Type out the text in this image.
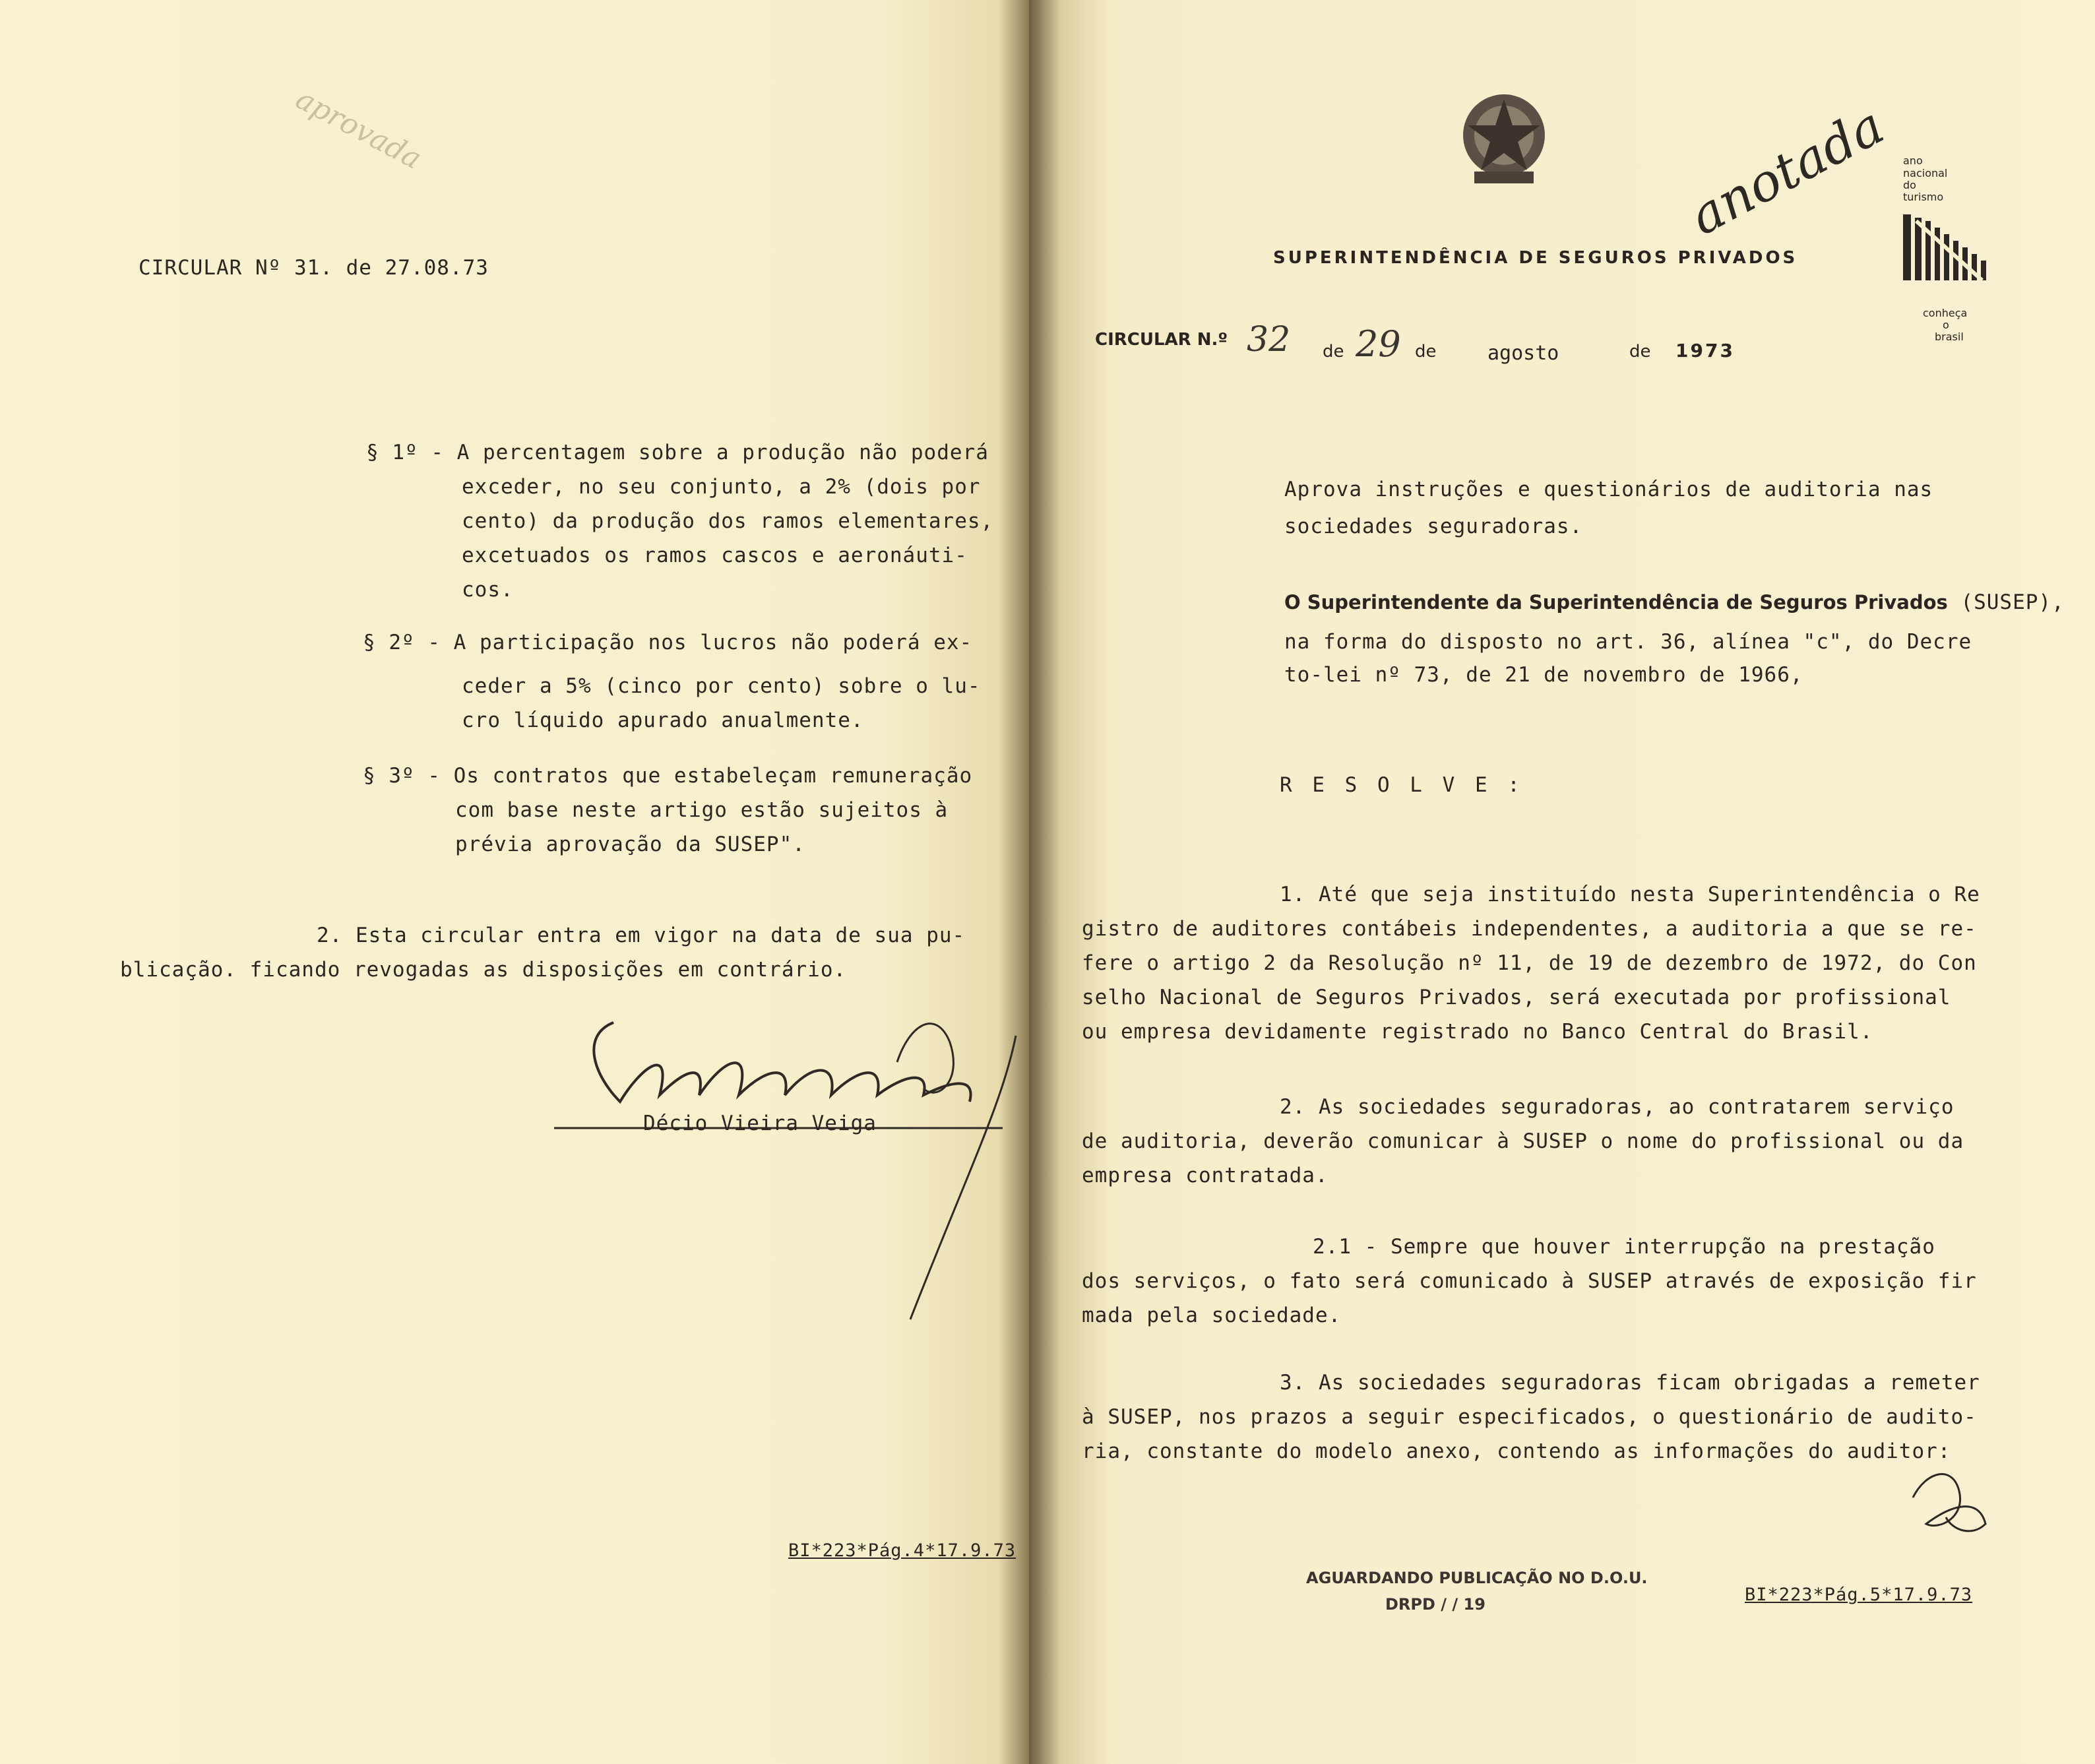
aprovada
CIRCULAR Nº 31. de 27.08.73
§ 1º - A percentagem sobre a produção não poderá
exceder, no seu conjunto, a 2% (dois por
cento) da produção dos ramos elementares,
excetuados os ramos cascos e aeronáuti-
cos.
§ 2º - A participação nos lucros não poderá ex-
ceder a 5% (cinco por cento) sobre o lu-
cro líquido apurado anualmente.
§ 3º - Os contratos que estabeleçam remuneração
com base neste artigo estão sujeitos à
prévia aprovação da SUSEP".
2. Esta circular entra em vigor na data de sua pu-
blicação. ficando revogadas as disposições em contrário.
Décio Vieira Veiga
BI*223*Pág.4*17.9.73
anotada ano
nacional
do
turismo
conheça
o
brasil
SUPERINTENDÊNCIA DE SEGUROS PRIVADOS
CIRCULAR N.º 32 de 29 de	agosto	de 1973
Aprova instruções e questionários de auditoria nas
sociedades seguradoras.
O Superintendente da Superintendência de Seguros Privados (SUSEP),
na forma do disposto no art. 36, alínea "c", do Decre
to-lei nº 73, de 21 de novembro de 1966,
R E S O L V E :
1. Até que seja instituído nesta Superintendência o Re
gistro de auditores contábeis independentes, a auditoria a que se re-
fere o artigo 2 da Resolução nº 11, de 19 de dezembro de 1972, do Con
selho Nacional de Seguros Privados, será executada por profissional
ou empresa devidamente registrado no Banco Central do Brasil.
2. As sociedades seguradoras, ao contratarem serviço
de auditoria, deverão comunicar à SUSEP o nome do profissional ou da
empresa contratada.
2.1 - Sempre que houver interrupção na prestação
dos serviços, o fato será comunicado à SUSEP através de exposição fir
mada pela sociedade.
3. As sociedades seguradoras ficam obrigadas a remeter
à SUSEP, nos prazos a seguir especificados, o questionário de audito-
ria, constante do modelo anexo, contendo as informações do auditor:
AGUARDANDO PUBLICAÇÃO NO D.O.U.
DRPD / / 19	BI*223*Pág.5*17.9.73
